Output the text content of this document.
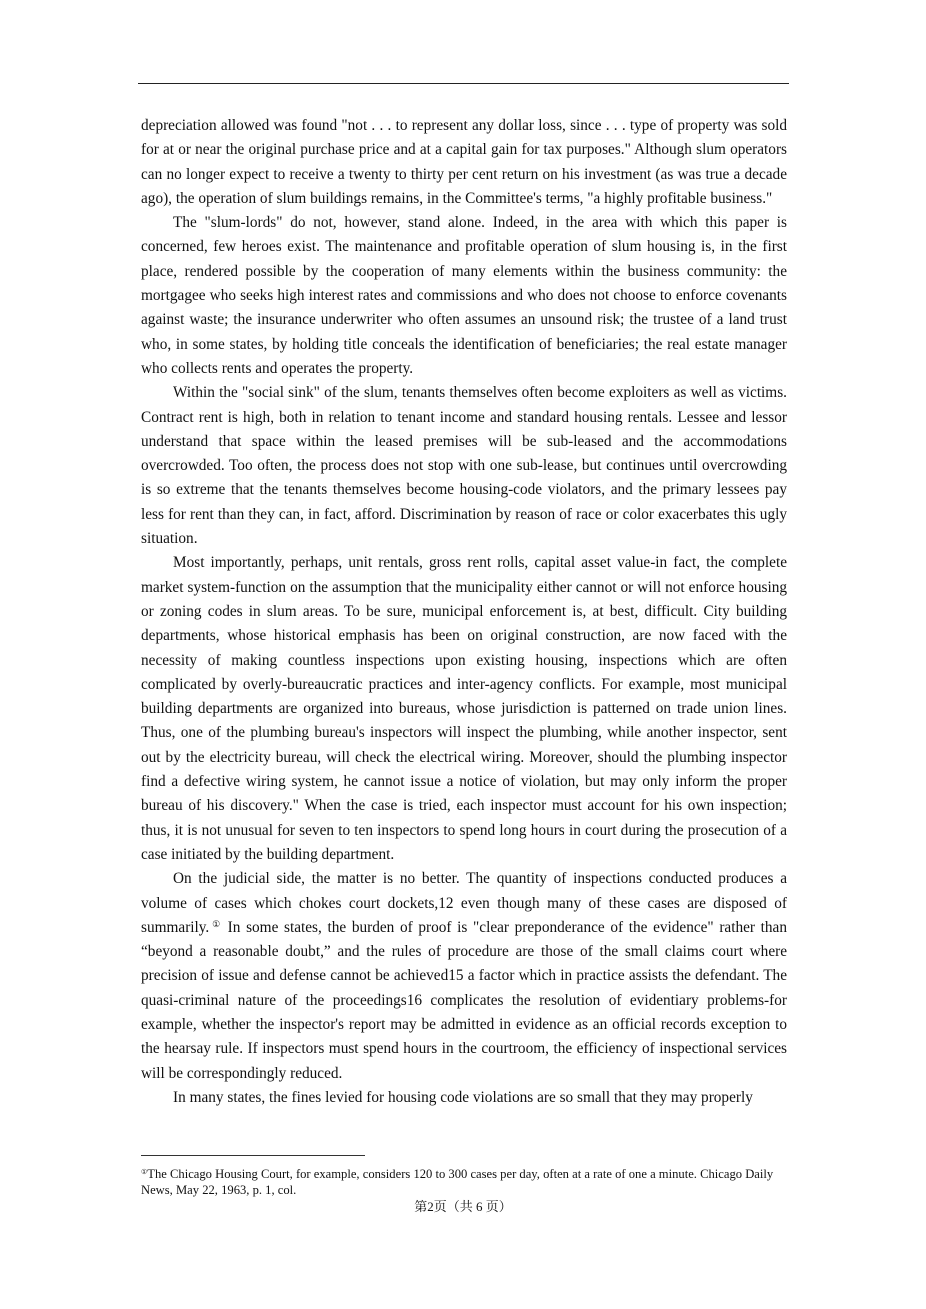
depreciation allowed was found "not . . . to represent any dollar loss, since . . . type of property was sold for at or near the original purchase price and at a capital gain for tax purposes." Although slum operators can no longer expect to receive a twenty to thirty per cent return on his investment (as was true a decade ago), the operation of slum buildings remains, in the Committee's terms, "a highly profitable business."

The "slum-lords" do not, however, stand alone. Indeed, in the area with which this paper is concerned, few heroes exist. The maintenance and profitable operation of slum housing is, in the first place, rendered possible by the cooperation of many elements within the business community: the mortgagee who seeks high interest rates and commissions and who does not choose to enforce covenants against waste; the insurance underwriter who often assumes an unsound risk; the trustee of a land trust who, in some states, by holding title conceals the identification of beneficiaries; the real estate manager who collects rents and operates the property.

Within the "social sink" of the slum, tenants themselves often become exploiters as well as victims. Contract rent is high, both in relation to tenant income and standard housing rentals. Lessee and lessor understand that space within the leased premises will be sub-leased and the accommodations overcrowded. Too often, the process does not stop with one sub-lease, but continues until overcrowding is so extreme that the tenants themselves become housing-code violators, and the primary lessees pay less for rent than they can, in fact, afford. Discrimination by reason of race or color exacerbates this ugly situation.

Most importantly, perhaps, unit rentals, gross rent rolls, capital asset value-in fact, the complete market system-function on the assumption that the municipality either cannot or will not enforce housing or zoning codes in slum areas. To be sure, municipal enforcement is, at best, difficult. City building departments, whose historical emphasis has been on original construction, are now faced with the necessity of making countless inspections upon existing housing, inspections which are often complicated by overly-bureaucratic practices and inter-agency conflicts. For example, most municipal building departments are organized into bureaus, whose jurisdiction is patterned on trade union lines. Thus, one of the plumbing bureau's inspectors will inspect the plumbing, while another inspector, sent out by the electricity bureau, will check the electrical wiring. Moreover, should the plumbing inspector find a defective wiring system, he cannot issue a notice of violation, but may only inform the proper bureau of his discovery." When the case is tried, each inspector must account for his own inspection; thus, it is not unusual for seven to ten inspectors to spend long hours in court during the prosecution of a case initiated by the building department.

On the judicial side, the matter is no better. The quantity of inspections conducted produces a volume of cases which chokes court dockets,12 even though many of these cases are disposed of summarily.① In some states, the burden of proof is "clear preponderance of the evidence" rather than “beyond a reasonable doubt,” and the rules of procedure are those of the small claims court where precision of issue and defense cannot be achieved15 a factor which in practice assists the defendant. The quasi-criminal nature of the proceedings16 complicates the resolution of evidentiary problems-for example, whether the inspector's report may be admitted in evidence as an official records exception to the hearsay rule. If inspectors must spend hours in the courtroom, the efficiency of inspectional services will be correspondingly reduced.

In many states, the fines levied for housing code violations are so small that they may properly

①The Chicago Housing Court, for example, considers 120 to 300 cases per day, often at a rate of one a minute. Chicago Daily News, May 22, 1963, p. 1, col.

第2页（共 6 页）
